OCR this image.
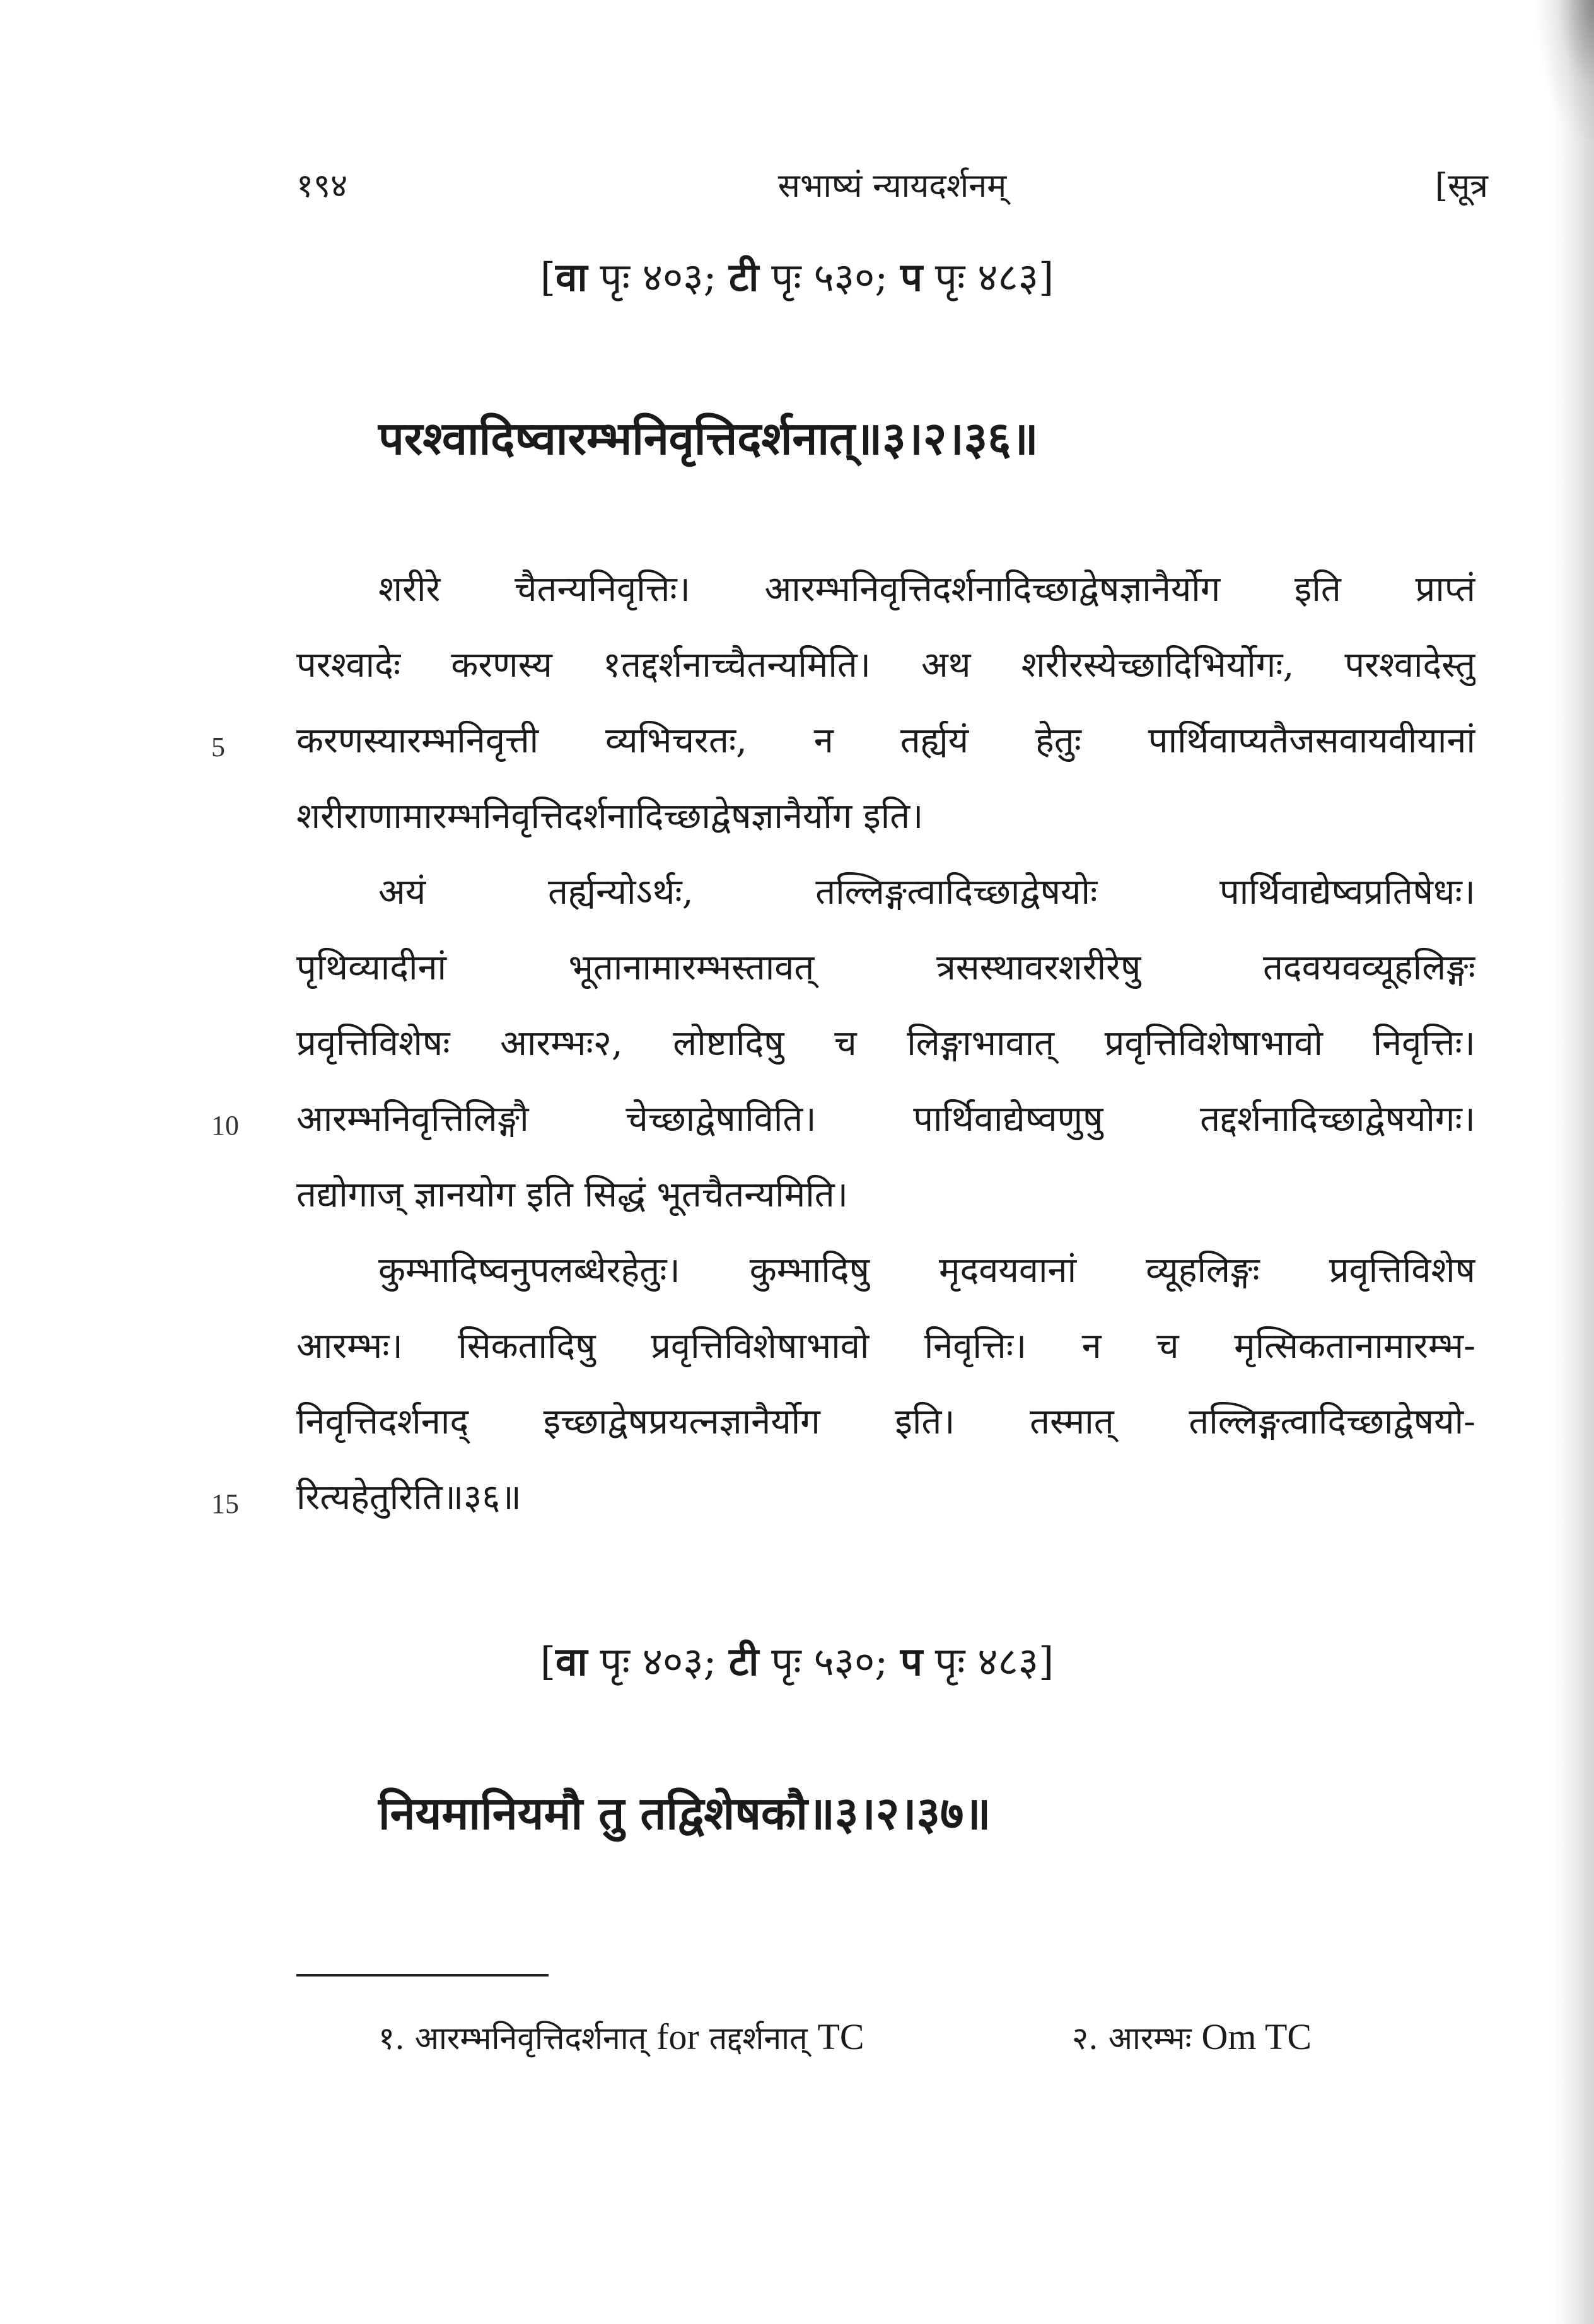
१९४	सभाष्यं न्यायदर्शनम्	[सूत्र
[वा पृः ४०३; टी पृः ५३०; प पृः ४८३]
परश्वादिष्वारम्भनिवृत्तिदर्शनात्॥३।२।३६॥
शरीरे चैतन्यनिवृत्तिः। आरम्भनिवृत्तिदर्शनादिच्छाद्वेषज्ञानैर्योग इति प्राप्तं
परश्वादेः करणस्य १तद्दर्शनाच्चैतन्यमिति। अथ शरीरस्येच्छादिभिर्योगः, परश्वादेस्तु
करणस्यारम्भनिवृत्ती व्यभिचरतः, न तर्ह्ययं हेतुः पार्थिवाप्यतैजसवायवीयानां
शरीराणामारम्भनिवृत्तिदर्शनादिच्छाद्वेषज्ञानैर्योग इति।
अयं तर्ह्यन्योऽर्थः, तल्लिङ्गत्वादिच्छाद्वेषयोः पार्थिवाद्येष्वप्रतिषेधः।
पृथिव्यादीनां भूतानामारम्भस्तावत् त्रसस्थावरशरीरेषु तदवयवव्यूहलिङ्गः
प्रवृत्तिविशेषः आरम्भः२, लोष्टादिषु च लिङ्गाभावात् प्रवृत्तिविशेषाभावो निवृत्तिः।
आरम्भनिवृत्तिलिङ्गौ चेच्छाद्वेषाविति। पार्थिवाद्येष्वणुषु तद्दर्शनादिच्छाद्वेषयोगः।
तद्योगाज् ज्ञानयोग इति सिद्धं भूतचैतन्यमिति।
कुम्भादिष्वनुपलब्धेरहेतुः। कुम्भादिषु मृदवयवानां व्यूहलिङ्गः प्रवृत्तिविशेष
आरम्भः। सिकतादिषु प्रवृत्तिविशेषाभावो निवृत्तिः। न च मृत्सिकतानामारम्भ-
निवृत्तिदर्शनाद् इच्छाद्वेषप्रयत्नज्ञानैर्योग इति। तस्मात् तल्लिङ्गत्वादिच्छाद्वेषयो-
रित्यहेतुरिति॥३६॥
5
10
15
[वा पृः ४०३; टी पृः ५३०; प पृः ४८३]
नियमानियमौ तु तद्विशेषकौ॥३।२।३७॥
१. आरम्भनिवृत्तिदर्शनात् for तद्दर्शनात् TC	२. आरम्भः Om TC
